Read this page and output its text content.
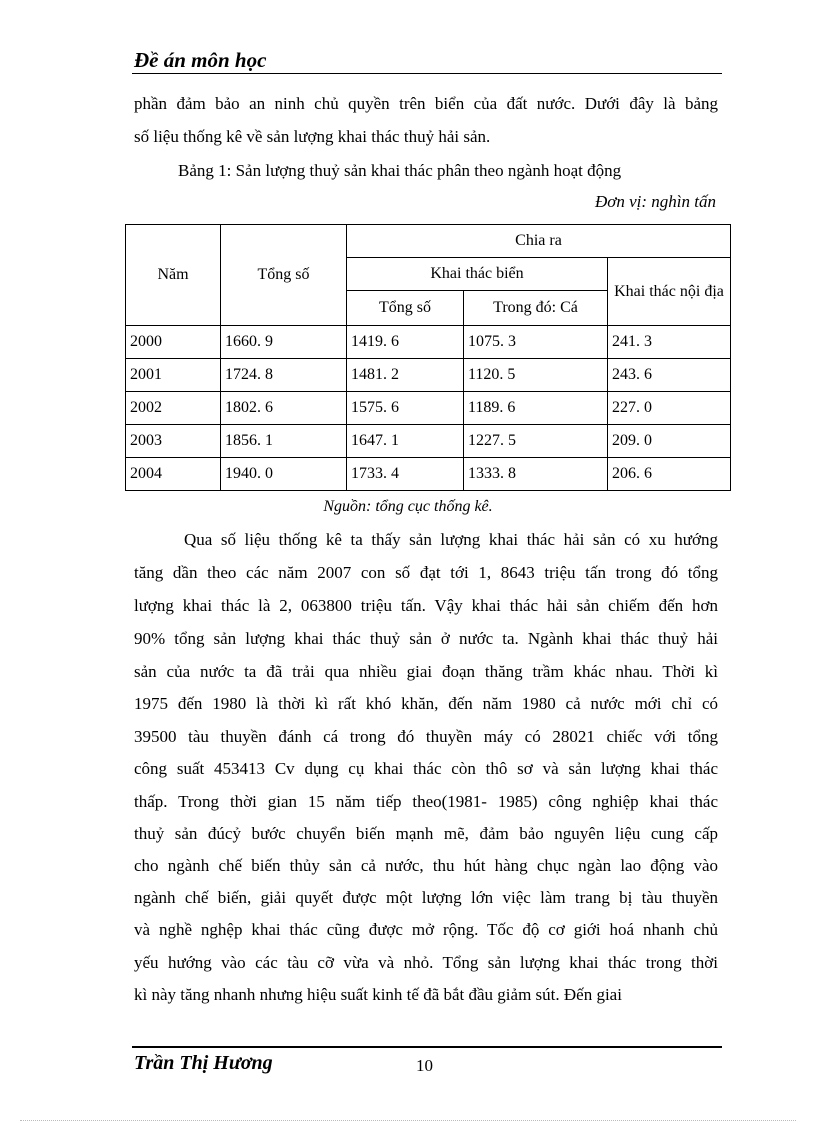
Đề án môn học

phần đảm bảo an ninh chủ quyền trên biển của đất nước. Dưới đây là bảng

số liệu thống kê về sản lượng khai thác thuỷ hải sản.

Bảng 1: Sản lượng thuỷ sản khai thác phân theo ngành hoạt động

Đơn vị: nghìn tấn
Năm	Tổng số	Chia ra		
		Khai thác biển		Khai thác nội địa
		Tổng số	Trong đó: Cá	
2000	1660. 9	1419. 6	1075. 3	241. 3
2001	1724. 8	1481. 2	1120. 5	243. 6
2002	1802. 6	1575. 6	1189. 6	227. 0
2003	1856. 1	1647. 1	1227. 5	209. 0
2004	1940. 0	1733. 4	1333. 8	206. 6

Nguồn: tổng cục thống kê.

Qua số liệu thống kê ta thấy sản lượng khai thác hải sản có xu hướng

tăng dần theo các năm 2007 con số đạt tới 1, 8643 triệu tấn trong đó tổng

lượng khai thác là 2, 063800 triệu tấn. Vậy khai thác hải sản chiếm đến hơn

90% tổng sản lượng khai thác thuỷ sản ở nước ta. Ngành khai thác thuỷ hải

sản của nước ta đã trải qua nhiều giai đoạn thăng trầm khác nhau. Thời kì

1975 đến 1980 là thời kì rất khó khăn, đến năm 1980 cả nước mới chỉ có

39500 tàu thuyền đánh cá trong đó thuyền máy có 28021 chiếc với tổng

công suất 453413 Cv dụng cụ khai thác còn thô sơ và sản lượng khai thác

thấp. Trong thời gian 15 năm tiếp theo(1981- 1985) công nghiệp khai thác

thuỷ sản đúcỷ bước chuyển biến mạnh mẽ, đảm bảo nguyên liệu cung cấp

cho ngành chế biến thủy sản cả nước, thu hút hàng chục ngàn lao động vào

ngành chế biến, giải quyết được một lượng lớn việc làm trang bị tàu thuyền

và nghề nghệp khai thác cũng được mở rộng. Tốc độ cơ giới hoá nhanh chủ

yếu hướng vào các tàu cỡ vừa và nhỏ. Tổng sản lượng khai thác trong thời

kì này tăng nhanh nhưng hiệu suất kinh tế đã bắt đầu giảm sút. Đến giai

Trần Thị Hương	10
